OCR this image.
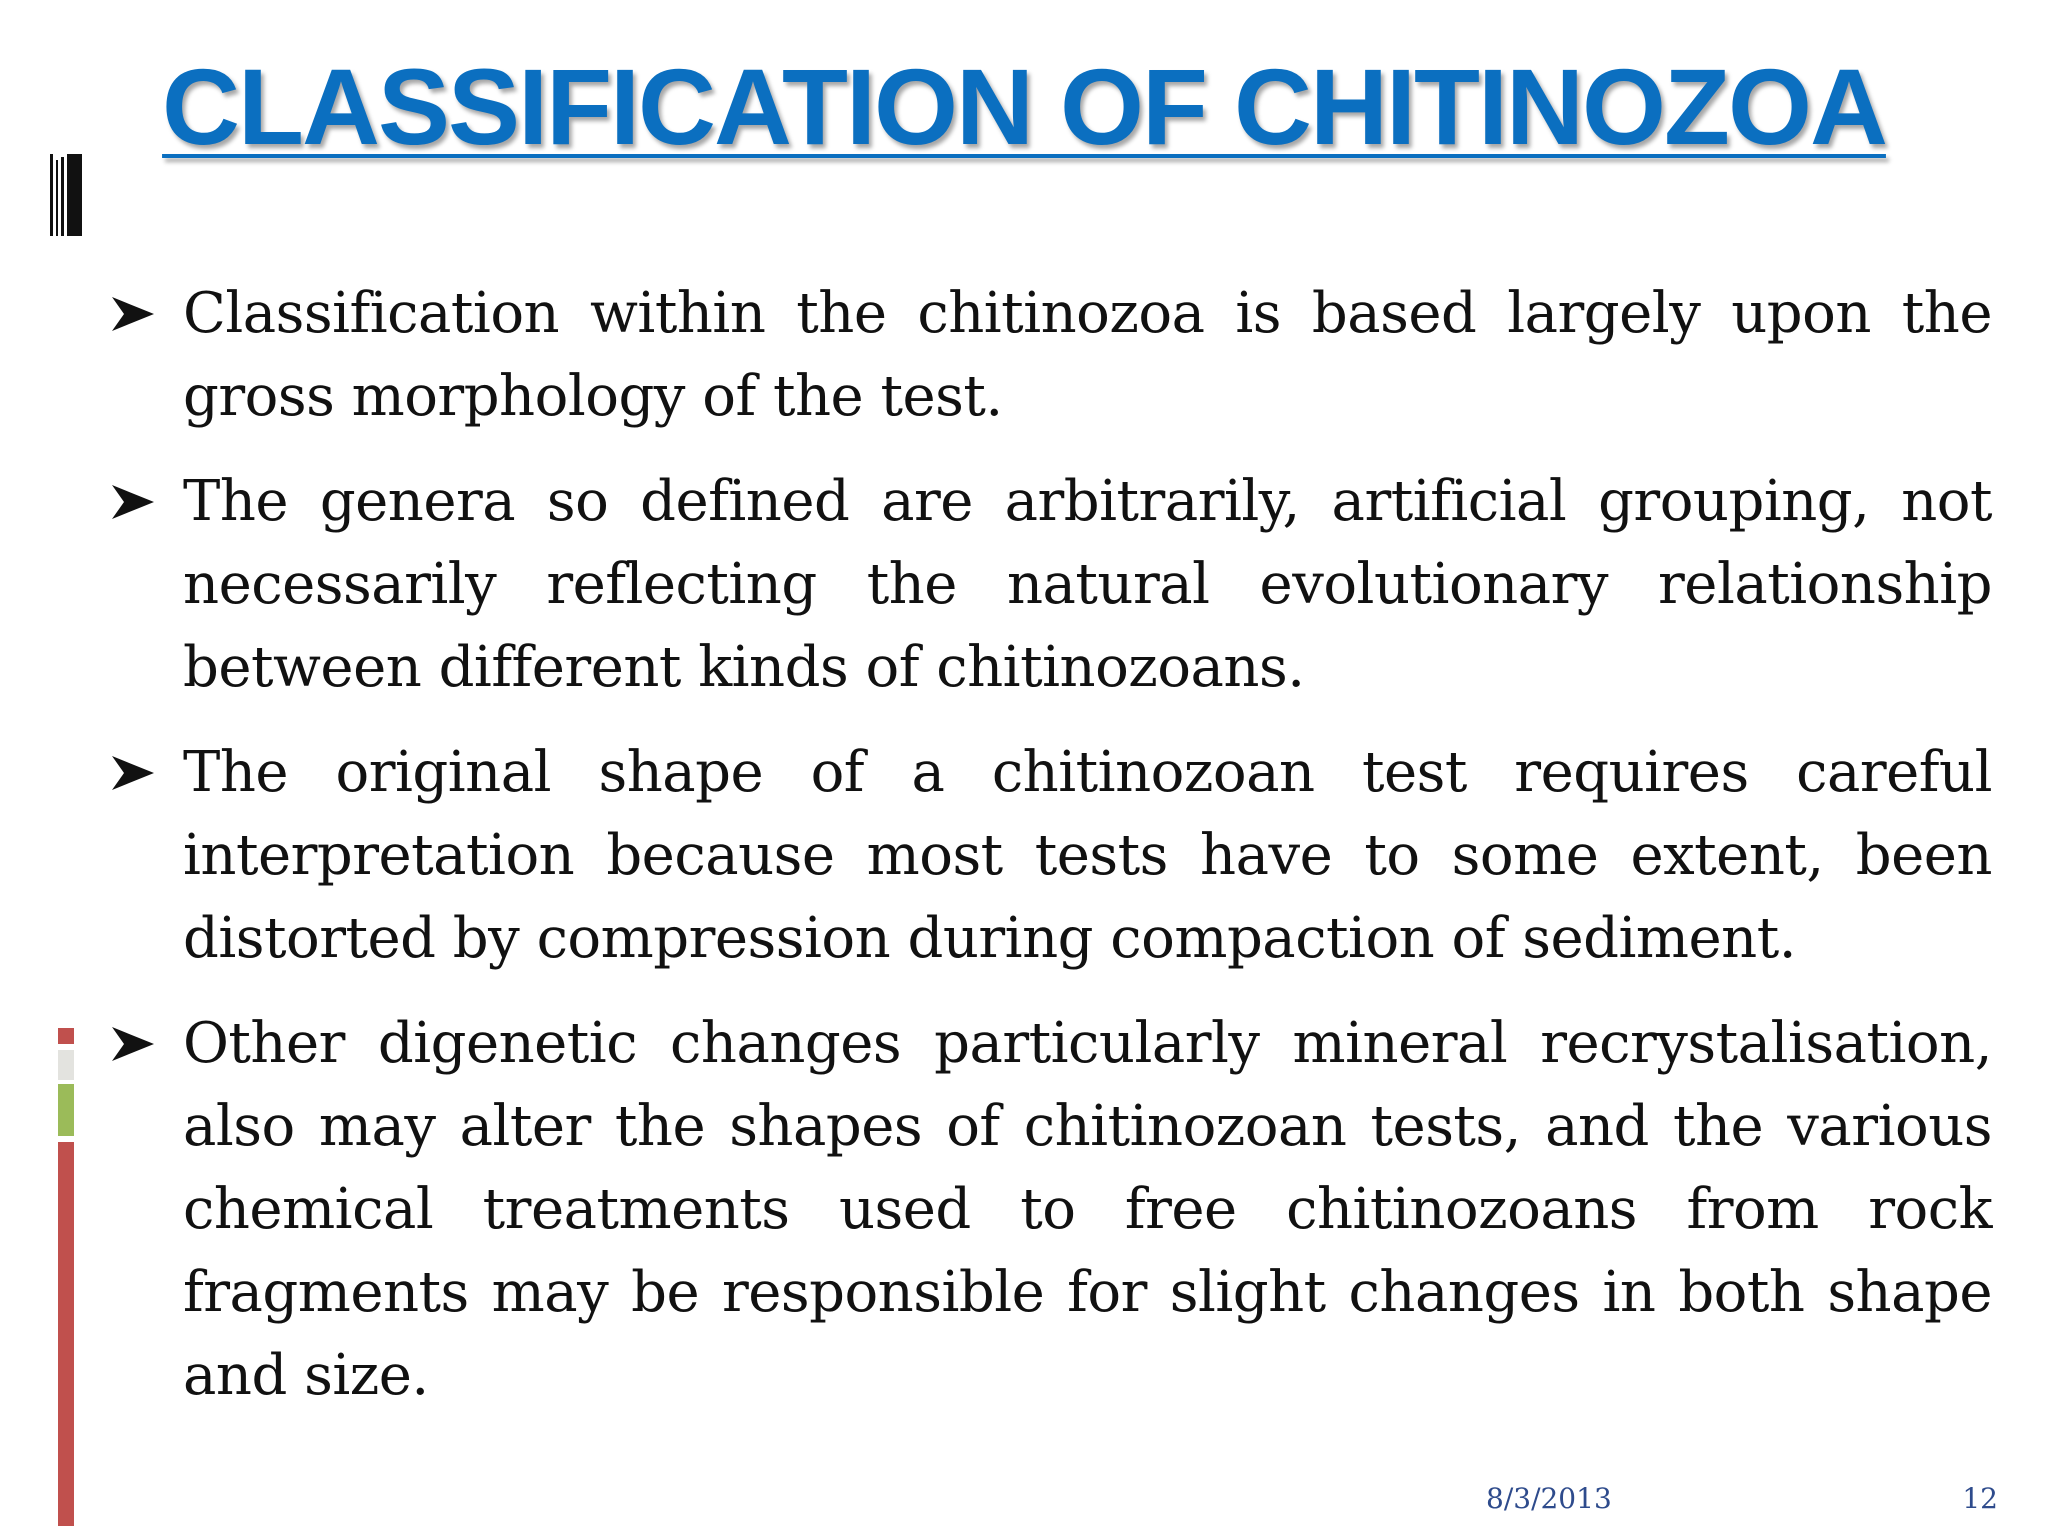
CLASSIFICATION OF CHITINOZOA
Classification within the chitinozoa is based largely upon the gross morphology of the test.
The genera so defined are arbitrarily, artificial grouping, not necessarily reflecting the natural evolutionary relationship between different kinds of chitinozoans.
The original shape of a chitinozoan test requires careful interpretation because most tests have to some extent, been distorted by compression during compaction of sediment.
Other digenetic changes particularly mineral recrystalisation, also may alter the shapes of chitinozoan tests, and the various chemical treatments used to free chitinozoans from rock fragments may be responsible for slight changes in both shape and size.
8/3/2013	12
